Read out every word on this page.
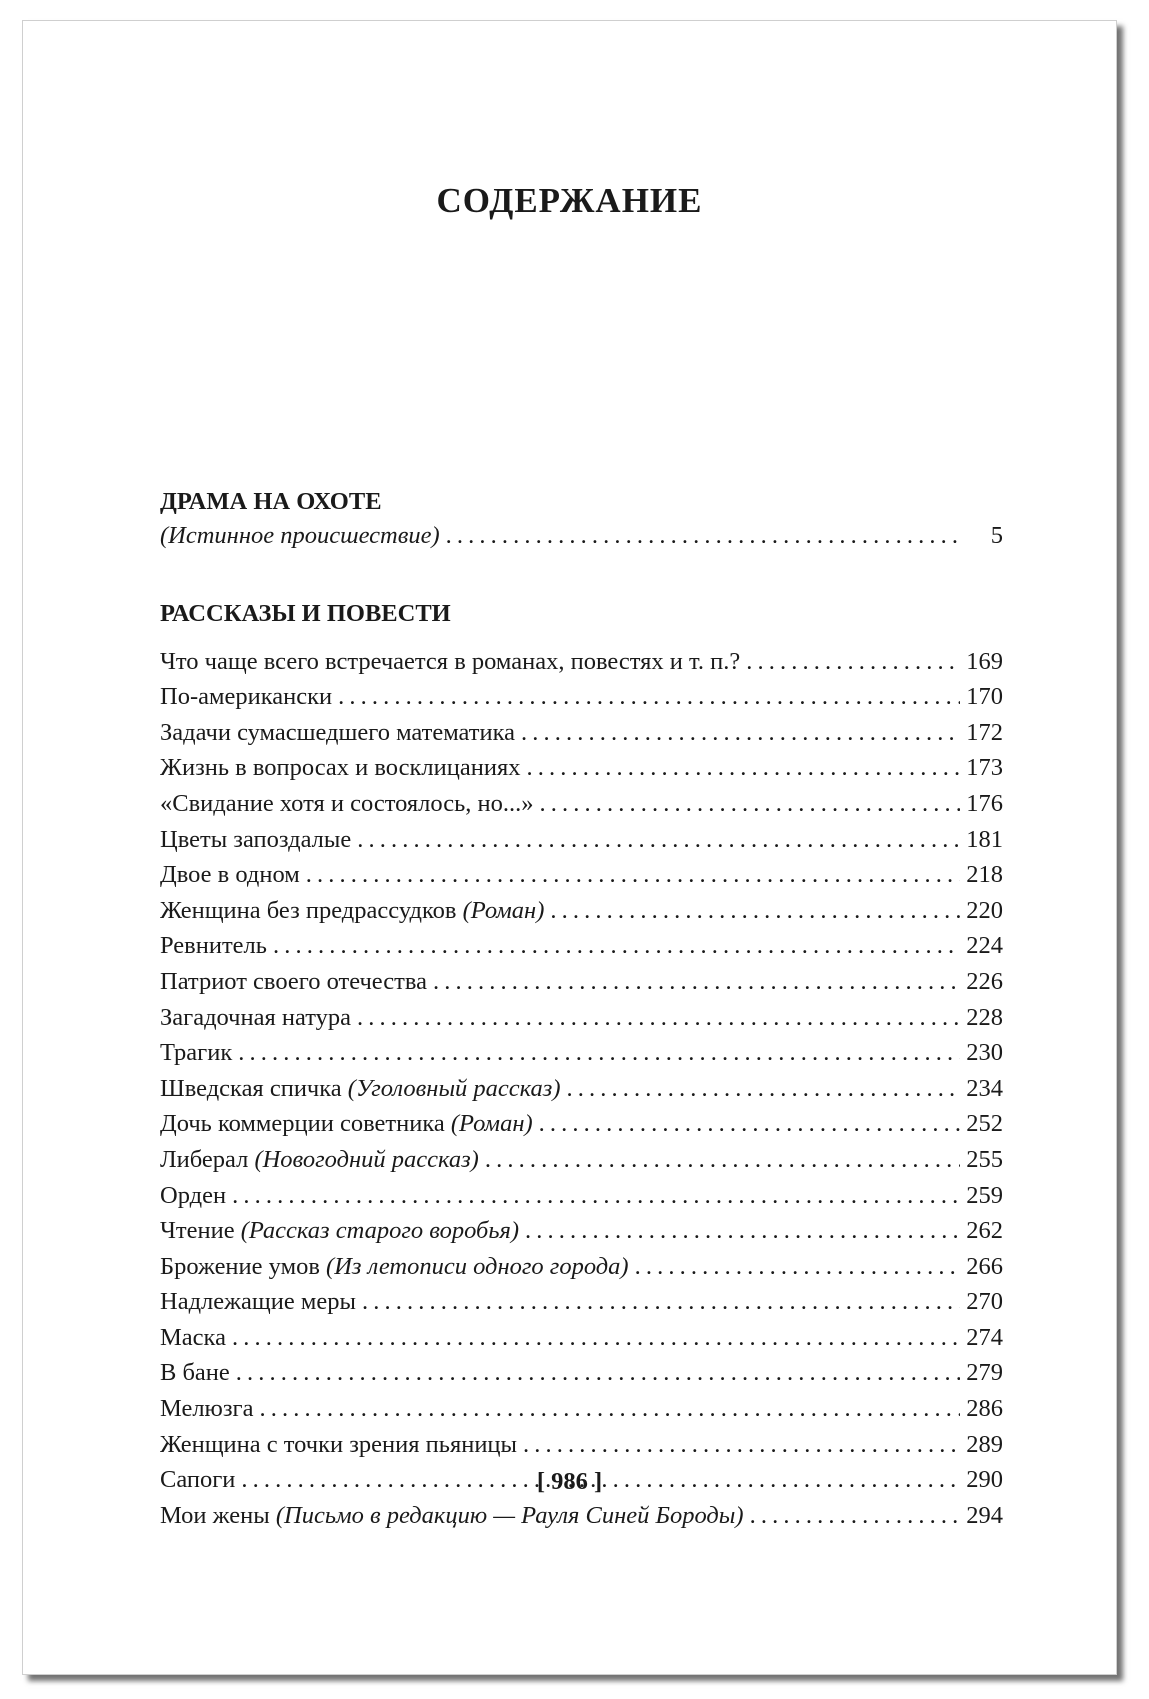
СОДЕРЖАНИЕ
ДРАМА НА ОХОТЕ
(Истинное происшествие) . . .	5
РАССКАЗЫ И ПОВЕСТИ
Что чаще всего встречается в романах, повестях и т. п.? . . .	169
По-американски . . .	170
Задачи сумасшедшего математика . . .	172
Жизнь в вопросах и восклицаниях . . .	173
«Свидание хотя и состоялось, но...» . . .	176
Цветы запоздалые . . .	181
Двое в одном . . .	218
Женщина без предрассудков (Роман) . . .	220
Ревнитель . . .	224
Патриот своего отечества . . .	226
Загадочная натура . . .	228
Трагик . . .	230
Шведская спичка (Уголовный рассказ) . . .	234
Дочь коммерции советника (Роман) . . .	252
Либерал (Новогодний рассказ) . . .	255
Орден . . .	259
Чтение (Рассказ старого воробья) . . .	262
Брожение умов (Из летописи одного города) . . .	266
Надлежащие меры . . .	270
Маска . . .	274
В бане . . .	279
Мелюзга . . .	286
Женщина с точки зрения пьяницы . . .	289
Сапоги . . .	290
Мои жены (Письмо в редакцию — Рауля Синей Бороды) . . .	294

[ 986 ]
